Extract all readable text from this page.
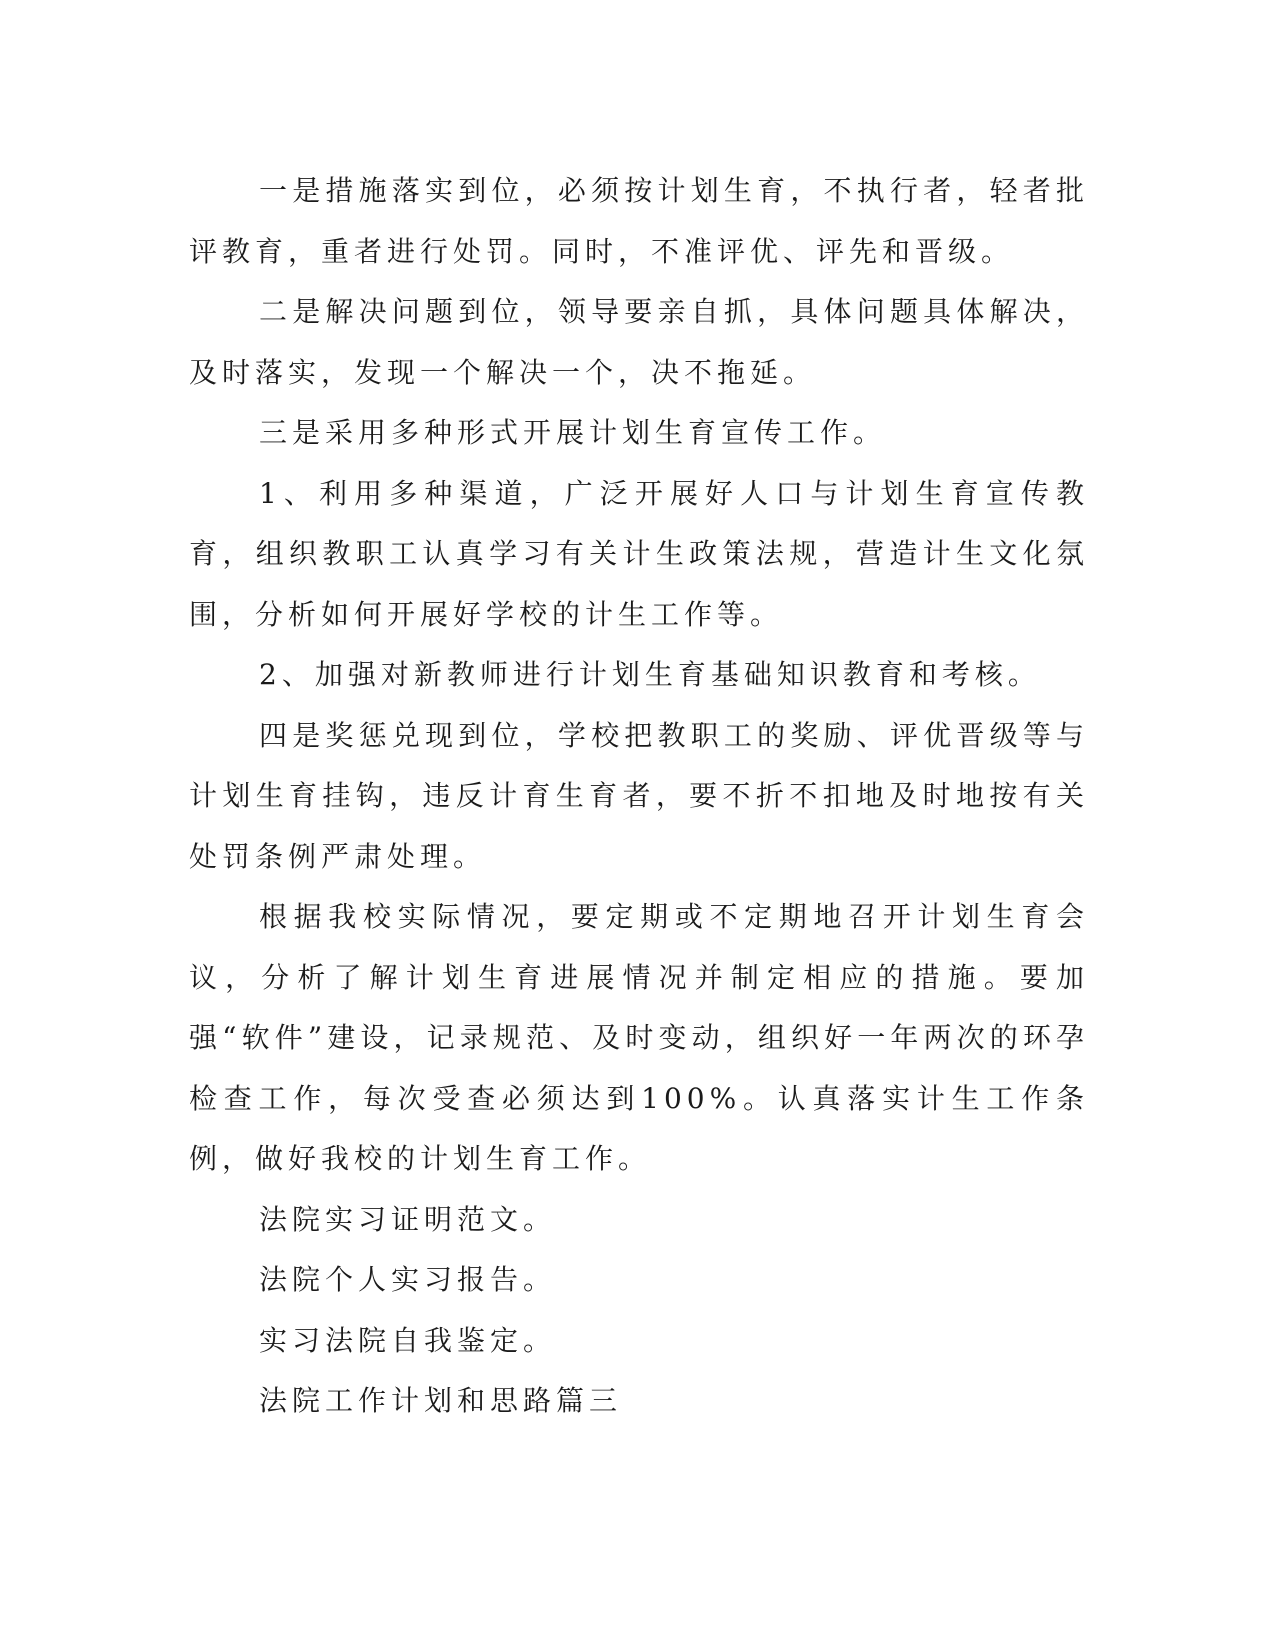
一是措施落实到位，必须按计划生育，不执行者，轻者批评教育，重者进行处罚。同时，不准评优、评先和晋级。

二是解决问题到位，领导要亲自抓，具体问题具体解决，及时落实，发现一个解决一个，决不拖延。

三是采用多种形式开展计划生育宣传工作。

1、利用多种渠道，广泛开展好人口与计划生育宣传教育，组织教职工认真学习有关计生政策法规，营造计生文化氛围，分析如何开展好学校的计生工作等。

2、加强对新教师进行计划生育基础知识教育和考核。

四是奖惩兑现到位，学校把教职工的奖励、评优晋级等与计划生育挂钩，违反计育生育者，要不折不扣地及时地按有关处罚条例严肃处理。

根据我校实际情况，要定期或不定期地召开计划生育会议，分析了解计划生育进展情况并制定相应的措施。要加强“软件”建设，记录规范、及时变动，组织好一年两次的环孕检查工作，每次受查必须达到100%。认真落实计生工作条例，做好我校的计划生育工作。

法院实习证明范文。

法院个人实习报告。

实习法院自我鉴定。

法院工作计划和思路篇三
